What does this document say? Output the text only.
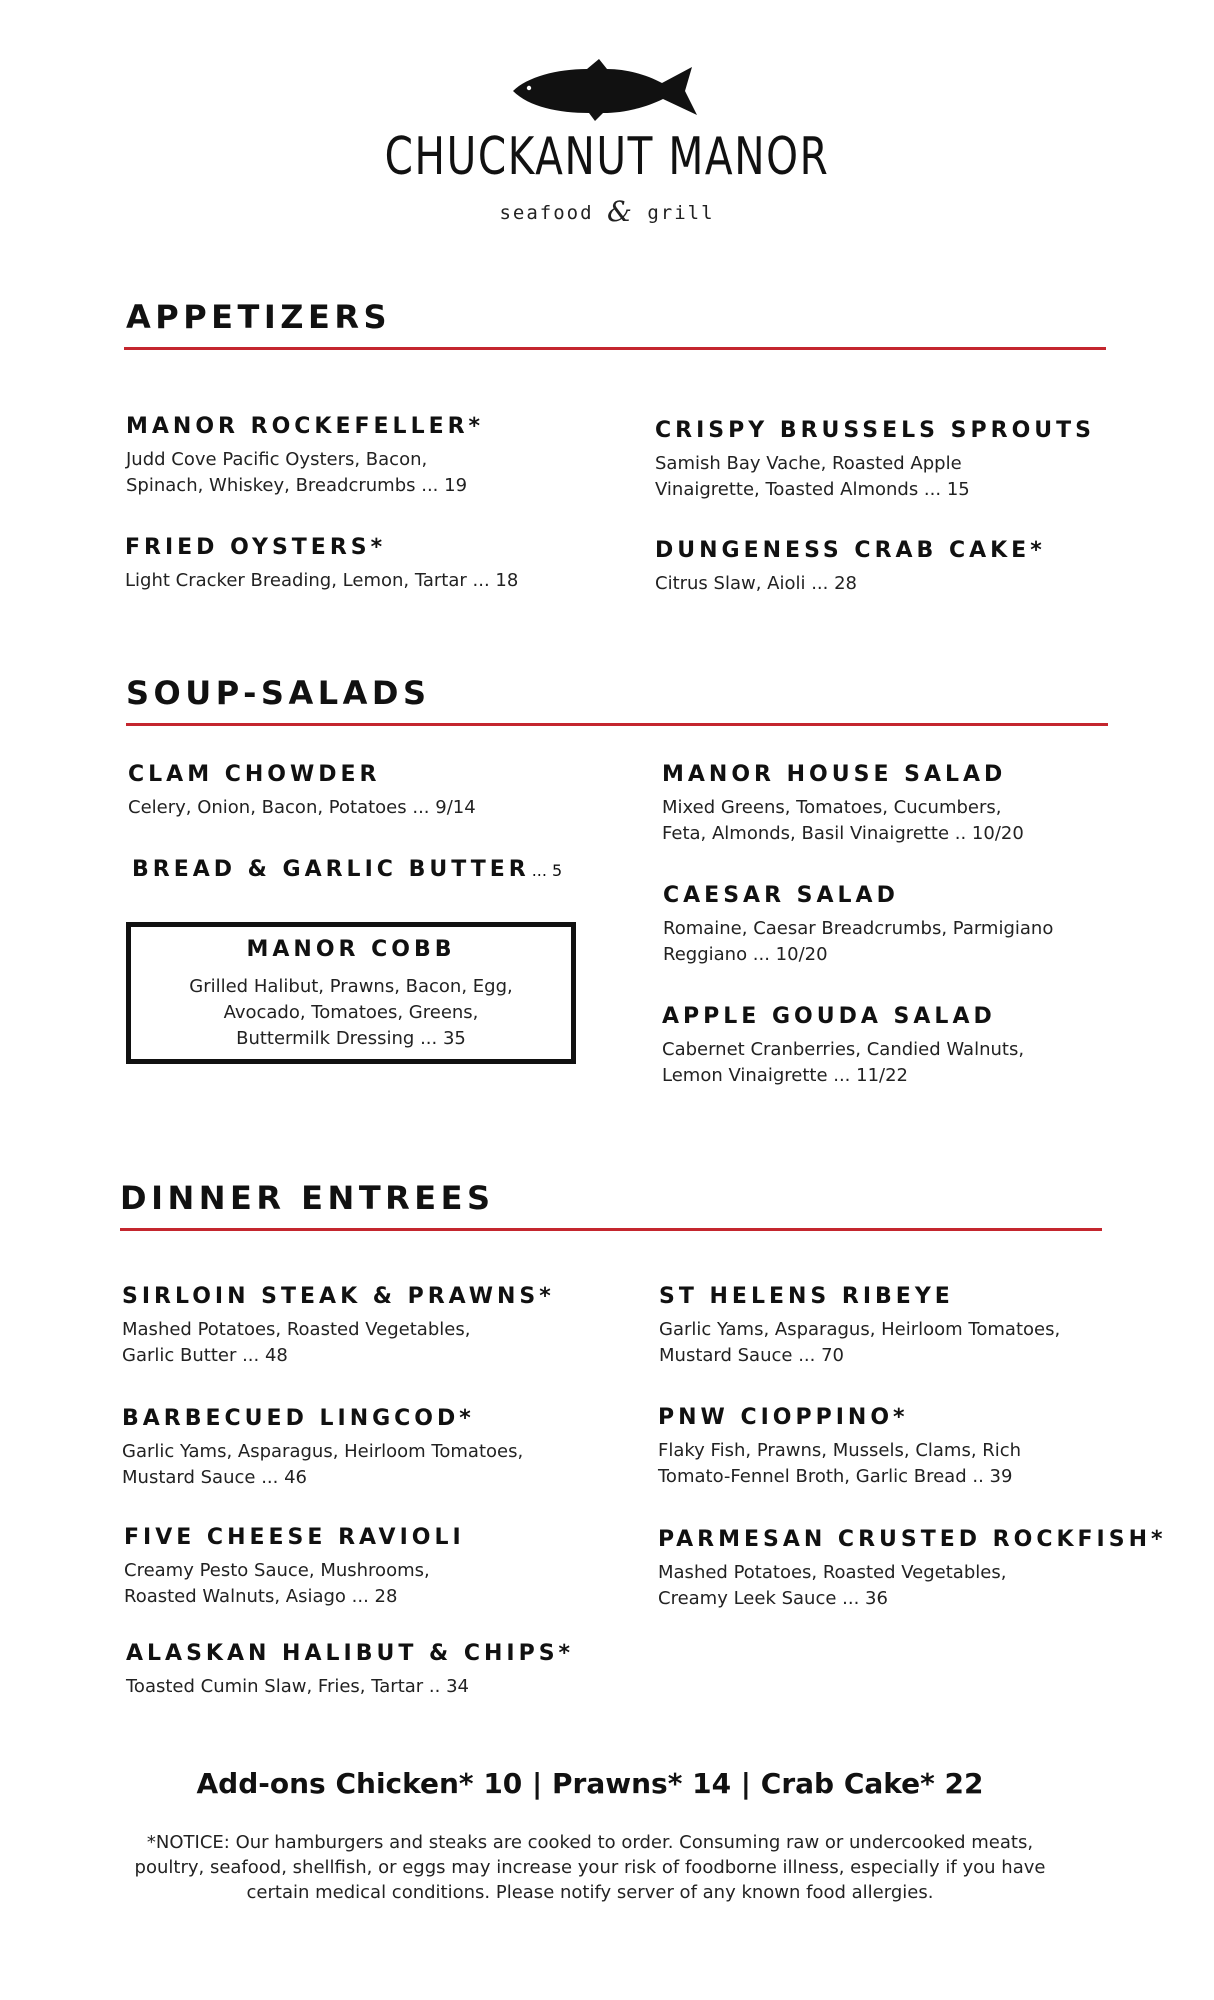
CHUCKANUT MANOR
seafood & grill
APPETIZERS
MANOR ROCKEFELLER*
Judd Cove Pacific Oysters, Bacon,
Spinach, Whiskey, Breadcrumbs ... 19
CRISPY BRUSSELS SPROUTS
Samish Bay Vache, Roasted Apple
Vinaigrette, Toasted Almonds ... 15
FRIED OYSTERS*
Light Cracker Breading, Lemon, Tartar ... 18
DUNGENESS CRAB CAKE*
Citrus Slaw, Aioli ... 28
SOUP-SALADS
CLAM CHOWDER
Celery, Onion, Bacon, Potatoes ... 9/14
BREAD & GARLIC BUTTER ... 5
MANOR COBB
Grilled Halibut, Prawns, Bacon, Egg,
Avocado, Tomatoes, Greens,
Buttermilk Dressing ... 35
MANOR HOUSE SALAD
Mixed Greens, Tomatoes, Cucumbers,
Feta, Almonds, Basil Vinaigrette .. 10/20
CAESAR SALAD
Romaine, Caesar Breadcrumbs, Parmigiano
Reggiano ... 10/20
APPLE GOUDA SALAD
Cabernet Cranberries, Candied Walnuts,
Lemon Vinaigrette ... 11/22
DINNER ENTREES
SIRLOIN STEAK & PRAWNS*
Mashed Potatoes, Roasted Vegetables,
Garlic Butter ... 48
ST HELENS RIBEYE
Garlic Yams, Asparagus, Heirloom Tomatoes,
Mustard Sauce ... 70
BARBECUED LINGCOD*
Garlic Yams, Asparagus, Heirloom Tomatoes,
Mustard Sauce ... 46
PNW CIOPPINO*
Flaky Fish, Prawns, Mussels, Clams, Rich
Tomato-Fennel Broth, Garlic Bread .. 39
FIVE CHEESE RAVIOLI
Creamy Pesto Sauce, Mushrooms,
Roasted Walnuts, Asiago ... 28
PARMESAN CRUSTED ROCKFISH*
Mashed Potatoes, Roasted Vegetables,
Creamy Leek Sauce ... 36
ALASKAN HALIBUT & CHIPS*
Toasted Cumin Slaw, Fries, Tartar .. 34
Add-ons Chicken* 10 | Prawns* 14 | Crab Cake* 22
*NOTICE: Our hamburgers and steaks are cooked to order. Consuming raw or undercooked meats,
poultry, seafood, shellfish, or eggs may increase your risk of foodborne illness, especially if you have
certain medical conditions. Please notify server of any known food allergies.
